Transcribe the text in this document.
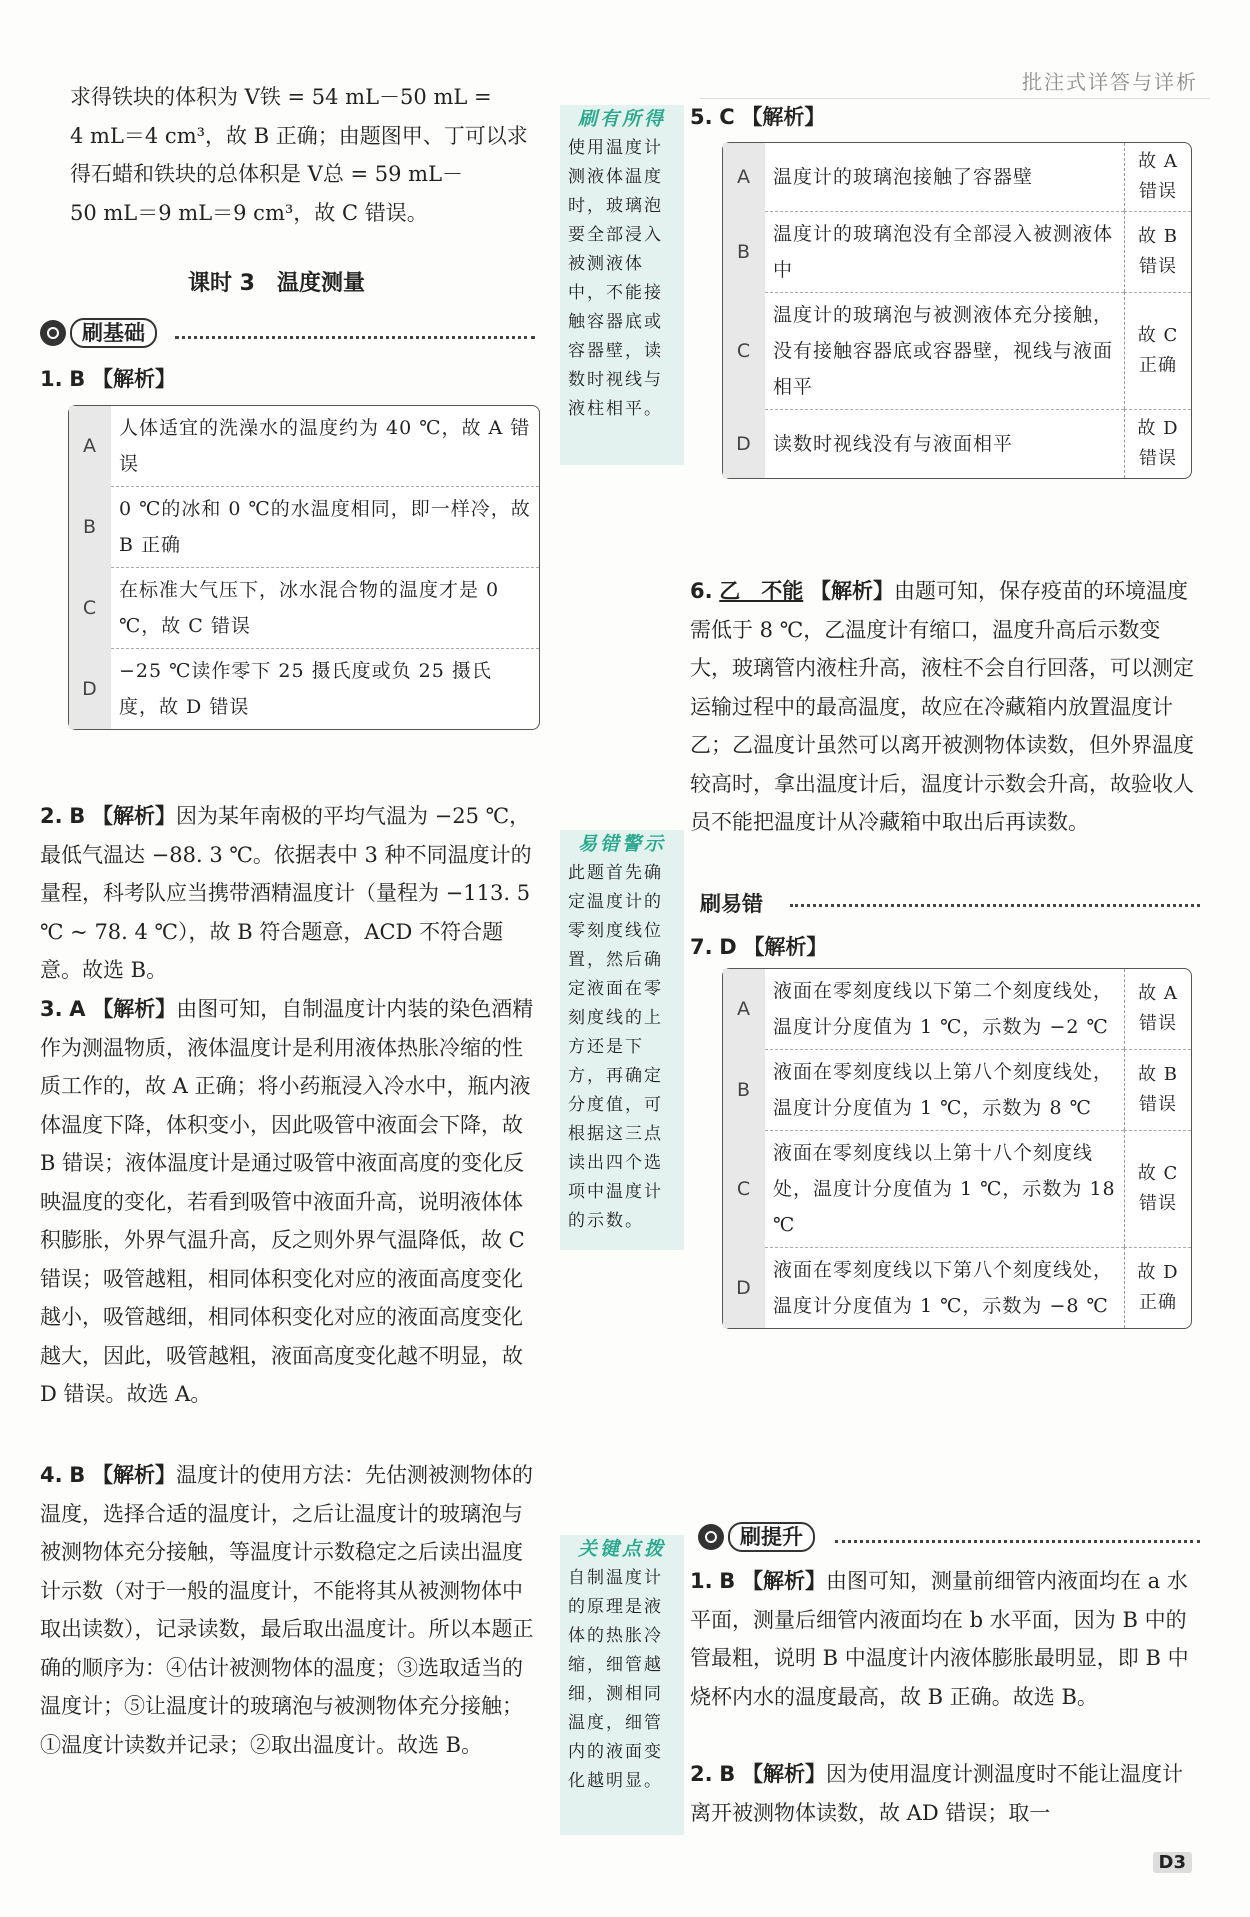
批注式详答与详析
求得铁块的体积为 V铁 = 54 mL－50 mL =
4 mL＝4 cm³，故 B 正确；由题图甲、丁可以求
得石蜡和铁块的总体积是 V总 = 59 mL－
50 mL＝9 mL＝9 cm³，故 C 错误。
课时 3　温度测量
刷基础
1. B 【解析】
A	人体适宜的洗澡水的温度约为 40 ℃，故 A 错误
B	0 ℃的冰和 0 ℃的水温度相同，即一样冷，故 B 正确
C	在标准大气压下，冰水混合物的温度才是 0 ℃，故 C 错误
D	−25 ℃读作零下 25 摄氏度或负 25 摄氏度，故 D 错误
2. B 【解析】因为某年南极的平均气温为 −25 ℃，最低气温达 −88. 3 ℃。依据表中 3 种不同温度计的量程，科考队应当携带酒精温度计（量程为 −113. 5 ℃ ~ 78. 4 ℃），故 B 符合题意，ACD 不符合题意。故选 B。
3. A 【解析】由图可知，自制温度计内装的染色酒精作为测温物质，液体温度计是利用液体热胀冷缩的性质工作的，故 A 正确；将小药瓶浸入冷水中，瓶内液体温度下降，体积变小，因此吸管中液面会下降，故 B 错误；液体温度计是通过吸管中液面高度的变化反映温度的变化，若看到吸管中液面升高，说明液体体积膨胀，外界气温升高，反之则外界气温降低，故 C 错误；吸管越粗，相同体积变化对应的液面高度变化越小，吸管越细，相同体积变化对应的液面高度变化越大，因此，吸管越粗，液面高度变化越不明显，故 D 错误。故选 A。
4. B 【解析】温度计的使用方法：先估测被测物体的温度，选择合适的温度计，之后让温度计的玻璃泡与被测物体充分接触，等温度计示数稳定之后读出温度计示数（对于一般的温度计，不能将其从被测物体中取出读数），记录读数，最后取出温度计。所以本题正确的顺序为：④估计被测物体的温度；③选取适当的温度计；⑤让温度计的玻璃泡与被测物体充分接触；①温度计读数并记录；②取出温度计。故选 B。
刷有所得
使用温度计测液体温度时，玻璃泡要全部浸入被测液体中，不能接触容器底或容器壁，读数时视线与液柱相平。
易错警示
此题首先确定温度计的零刻度线位置，然后确定液面在零刻度线的上方还是下方，再确定分度值，可根据这三点读出四个选项中温度计的示数。
关键点拨
自制温度计的原理是液体的热胀冷缩，细管越细，测相同温度，细管内的液面变化越明显。
5. C 【解析】
A	温度计的玻璃泡接触了容器壁	故 A 错误
B	温度计的玻璃泡没有全部浸入被测液体中	故 B 错误
C	温度计的玻璃泡与被测液体充分接触，没有接触容器底或容器壁，视线与液面相平	故 C 正确
D	读数时视线没有与液面相平	故 D 错误
6. 乙　不能 【解析】由题可知，保存疫苗的环境温度需低于 8 ℃，乙温度计有缩口，温度升高后示数变大，玻璃管内液柱升高，液柱不会自行回落，可以测定运输过程中的最高温度，故应在冷藏箱内放置温度计乙；乙温度计虽然可以离开被测物体读数，但外界温度较高时，拿出温度计后，温度计示数会升高，故验收人员不能把温度计从冷藏箱中取出后再读数。
刷易错
7. D 【解析】
A	液面在零刻度线以下第二个刻度线处，温度计分度值为 1 ℃，示数为 −2 ℃	故 A 错误
B	液面在零刻度线以上第八个刻度线处，温度计分度值为 1 ℃，示数为 8 ℃	故 B 错误
C	液面在零刻度线以上第十八个刻度线处，温度计分度值为 1 ℃，示数为 18 ℃	故 C 错误
D	液面在零刻度线以下第八个刻度线处，温度计分度值为 1 ℃，示数为 −8 ℃	故 D 正确
刷提升
1. B 【解析】由图可知，测量前细管内液面均在 a 水平面，测量后细管内液面均在 b 水平面，因为 B 中的管最粗，说明 B 中温度计内液体膨胀最明显，即 B 中烧杯内水的温度最高，故 B 正确。故选 B。
2. B 【解析】因为使用温度计测温度时不能让温度计离开被测物体读数，故 AD 错误；取一
D3
